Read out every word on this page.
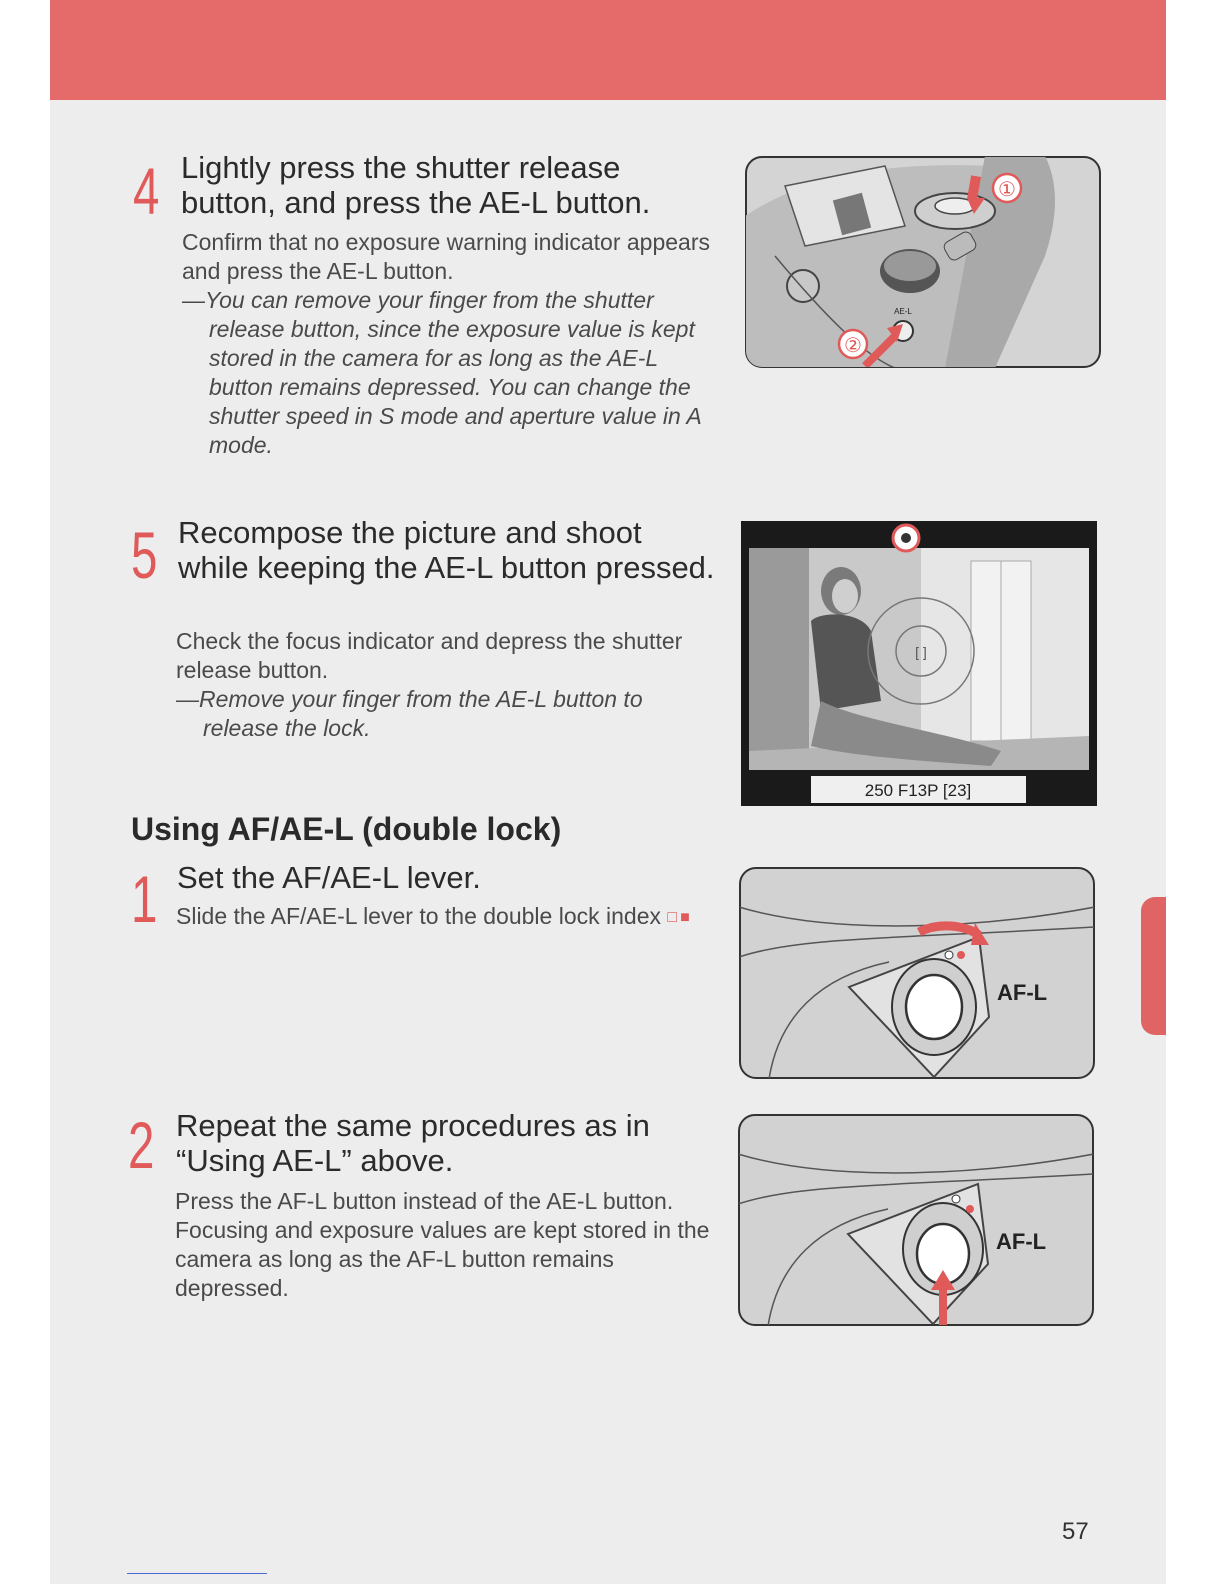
4 Lightly press the shutter release button, and press the AE-L button.

Confirm that no exposure warning indicator appears and press the AE-L button.

—You can remove your finger from the shutter release button, since the exposure value is kept stored in the camera for as long as the AE-L button remains depressed. You can change the shutter speed in S mode and aperture value in A mode.

5 Recompose the picture and shoot while keeping the AE-L button pressed.

Check the focus indicator and depress the shutter release button.

—Remove your finger from the AE-L button to release the lock.

Using AF/AE-L (double lock)
1 Set the AF/AE-L lever.

Slide the AF/AE-L lever to the double lock index □■

2 Repeat the same procedures as in “Using AE-L” above.

Press the AF-L button instead of the AE-L button. Focusing and exposure values are kept stored in the camera as long as the AF-L button remains depressed.

①
②
AE-L
[ ]
250 F13P [23]
AF-L
AF-L
57
